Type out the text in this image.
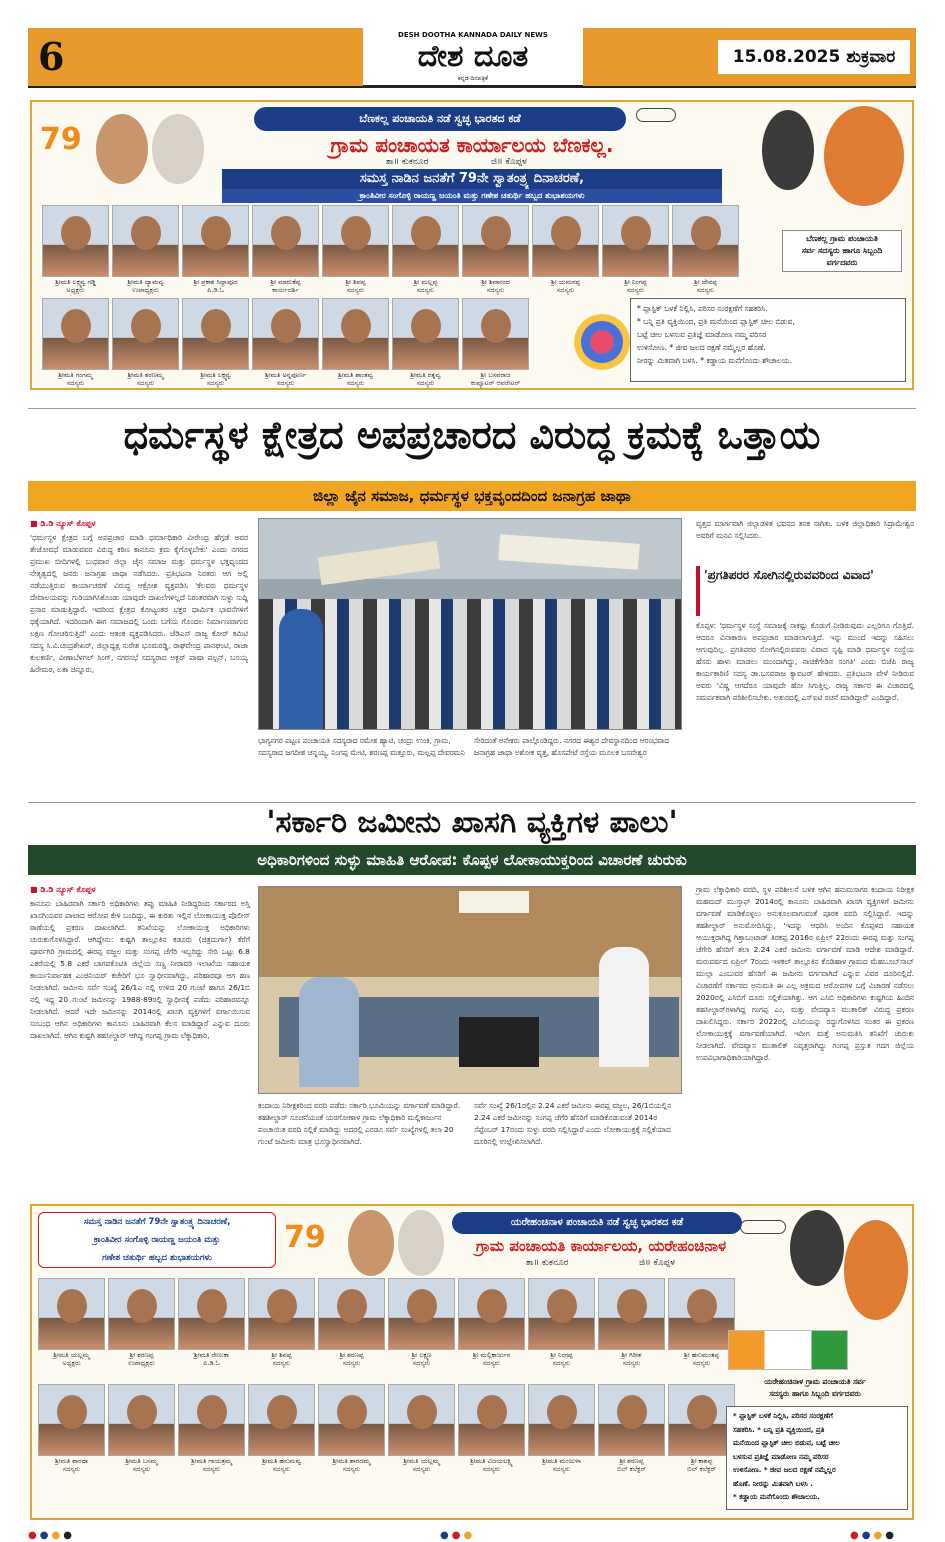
6	DESH DOOTHA KANNADA DAILY NEWS
ದೇಶ ದೂತ
ಕನ್ನಡ ದಿನಪತ್ರಿಕೆ
15.08.2025 ಶುಕ್ರವಾರ
79
ಬೆಣಕಲ್ಲ ಪಂಚಾಯತಿ ನಡೆ ಸ್ವಚ್ಛ ಭಾರತದ ಕಡೆ
ಗ್ರಾಮ ಪಂಚಾಯತ ಕಾರ್ಯಾಲಯ ಬೆಣಕಲ್ಲ.
ತಾ॥ ಕುಕನೂರ	ಜಿ॥ ಕೊಪ್ಪಳ
ಸಮಸ್ತ ನಾಡಿನ ಜನತೆಗೆ 79ನೇ ಸ್ವಾತಂತ್ರ್ಯ ದಿನಾಚರಣೆ,
ಕ್ರಾಂತಿವೀರ ಸಂಗೊಳ್ಳಿ ರಾಯಣ್ಣ ಜಯಂತಿ ಮತ್ತು ಗಣೇಶ ಚತುರ್ಥಿ ಹಬ್ಬದ ಶುಭಾಶಯಗಳು
ಶ್ರೀಮತಿ ಲಕ್ಷ್ಮವ್ವ ಗಡ್ಡಿ
ಅಧ್ಯಕ್ಷರು
ಶ್ರೀಮತಿ ದ್ಯಾಮವ್ವ
ಉಪಾಧ್ಯಕ್ಷರು
ಶ್ರೀ ಪ್ರಕಾಶ ಸಿದ್ದಾಪೂರ
ಪಿ.ಡಿ.ಓ
ಶ್ರೀ ಮಾರುತೆಪ್ಪ
ಕಾರ್ಯದರ್ಶಿ
ಶ್ರೀ ಶಿವಪ್ಪ
ಸದಸ್ಯರು
ಶ್ರೀ ಮಲ್ಲಪ್ಪ
ಸದಸ್ಯರು
ಶ್ರೀ ಶಿವಾನಂದ
ಸದಸ್ಯರು
ಶ್ರೀ ಯಮನಪ್ಪ
ಸದಸ್ಯರು
ಶ್ರೀ ನಿಂಗಪ್ಪ
ಸದಸ್ಯರು
ಶ್ರೀ ದೇವಪ್ಪ
ಸದಸ್ಯರು
ಶ್ರೀಮತಿ ಗಂಗಮ್ಮ
ಸದಸ್ಯರು
ಶ್ರೀಮತಿ ಶರಣಮ್ಮ
ಸದಸ್ಯರು
ಶ್ರೀಮತಿ ಲಕ್ಷ್ಮವ್ವ
ಸದಸ್ಯರು
ಶ್ರೀಮತಿ ಅನ್ನಪೂರ್ಣ
ಸದಸ್ಯರು
ಶ್ರೀಮತಿ ಶಾಂತವ್ವ
ಸದಸ್ಯರು
ಶ್ರೀಮತಿ ರತ್ನವ್ವ
ಸದಸ್ಯರು
ಶ್ರೀ ಬಸವರಾಜ
ಕಂಪ್ಯೂಟರ್ ಆಪರೇಟರ್
ಬೆಣಕಲ್ಲ ಗ್ರಾಮ ಪಂಚಾಯತಿ
ಸರ್ವ ಸದಸ್ಯರು ಹಾಗೂ ಸಿಬ್ಬಂದಿ
ವರ್ಗದವರು
* ಪ್ಲಾಸ್ಟಿಕ್ ಬಳಕೆ ನಿಲ್ಲಿಸಿ, ಪರಿಸರ ಸಂರಕ್ಷಣೆಗೆ ಸಹಕರಿಸಿ.
* ಬನ್ನಿ ಪ್ರತಿ ವ್ಯಕ್ತಿಯಿಂದ, ಪ್ರತಿ ಮನೆಯಿಂದ ಪ್ಲಾಸ್ಟಿಕ್ ಚೀಲ ಬಿಡುವ,
ಬಟ್ಟೆ ಚೀಲ ಬಳಸುವ ಪ್ರತಿಜ್ಞೆ ಮಾಡೋಣ ನಮ್ಮ ಪರಿಸರ
ಉಳಿಸೋಣ. * ಜೀವ ಜಲದ ರಕ್ಷಣೆ ನಮ್ಮೆಲ್ಲರ ಹೊಣೆ.
ನೀರನ್ನು ಮಿತವಾಗಿ ಬಳಸಿ. * ಕಡ್ಡಾಯ ಮನೆಗೊಂದು ಶೌಚಾಲಯ.
ಧರ್ಮಸ್ಥಳ ಕ್ಷೇತ್ರದ ಅಪಪ್ರಚಾರದ ವಿರುದ್ಧ ಕ್ರಮಕ್ಕೆ ಒತ್ತಾಯ
ಜಿಲ್ಲಾ ಜೈನ ಸಮಾಜ, ಧರ್ಮಸ್ಥಳ ಭಕ್ತವೃಂದದಿಂದ ಜನಾಗ್ರಹ ಜಾಥಾ
■ ಡಿ.ಡಿ ನ್ಯೂಸ್ ಕೊಪ್ಪಳ
'ಧರ್ಮಸ್ಥಳ ಕ್ಷೇತ್ರದ ಬಗ್ಗೆ ಅಪಪ್ರಚಾರ ಮಾಡಿ ಧರ್ಮಾಧಿಕಾರಿ ವೀರೇಂದ್ರ ಹೆಗ್ಗಡೆ ಅವರ ತೇಜೋವಧೆ ಮಾಡುವವರ ವಿರುದ್ಧ ಕಠಿಣ ಕಾನೂನು ಕ್ರಮ ಕೈಗೊಳ್ಳಬೇಕು' ಎಂದು ನಗರದ ಪ್ರಮುಖ ಬೀದಿಗಳಲ್ಲಿ ಬುಧವಾರ ಜಿಲ್ಲಾ ಜೈನ ಸಮಾಜ ಮತ್ತು ಧರ್ಮಸ್ಥಳ ಭಕ್ತವೃಂದದ ನೇತೃತ್ವದಲ್ಲಿ ಜನರು ಜನಾಗ್ರಹ ಜಾಥಾ ನಡೆಸಿದರು. ಪ್ರತಿಭಟನಾ ನಿರತರು ಆಗ ಅಲ್ಲಿ ನಡೆಯುತ್ತಿರುವ ಕಾರ್ಯಾಚರಣೆ ವಿರುದ್ಧ ಆಕ್ರೋಶ ವ್ಯಕ್ತಪಡಿಸಿ 'ಕೆಲವರು ಧರ್ಮಸ್ಥಳ ದೇವಾಲಯವನ್ನು ಗುರಿಯಾಗಿಸಿಕೊಂಡು ಯಾವುದೇ ದಾಖಲೆಗಳಿಲ್ಲದೆ ನಿರಂತರವಾಗಿ ಸುಳ್ಳು ಸುದ್ದಿ ಪ್ರಸಾರ ಮಾಡುತ್ತಿದ್ದಾರೆ. ಇದರಿಂದ ಕ್ಷೇತ್ರದ ಕೋಟ್ಯಂತರ ಭಕ್ತರ ಧಾರ್ಮಿಕ ಭಾವನೆಗಳಿಗೆ ಧಕ್ಕೆಯಾಗಿದೆ. ಇದರಿಂದಾಗಿ ಈಗ ಸಮಾಜದಲ್ಲಿ ಒಂದು ಬಗೆಯ ಗೊಂದಲ ನಿರ್ಮಾಣವಾಗುವ ಲಕ್ಷಣ ಗೋಚರಿಸುತ್ತಿದೆ' ಎಂದು ಆತಂಕ ವ್ಯಕ್ತಪಡಿಸಿದರು. ಜೆಡಿಎಸ್ ರಾಜ್ಯ ಕೋರ್ ಕಮಿಟಿ ಸದಸ್ಯ ಸಿ.ವಿ.ಚಂದ್ರಶೇಖರ್, ಜಿಲ್ಲಾಧ್ಯಕ್ಷ ಸುರೇಶ ಭೂಮರಡ್ಡಿ, ರಾಘವೇಂದ್ರ ಪಾನಘಂಟಿ, ರಾಜಾ ಕುಲಕರ್ಣಿ, ವೀಣಾಬೆಳಗಲ್ ಸಿಂಗ್, ನಗರಸಭೆ ಸದಸ್ಯರಾದ ಅಕ್ಬರ್ ಪಾಷಾ ಪಲ್ಟನ್, ಬಸಯ್ಯ ಹಿರೇಮಠ, ಲತಾ ಚಿನ್ನೂರು,
ಭಾಗ್ಯನಗರ ಪಟ್ಟಣ ಪಂಚಾಯತಿ ಸದಸ್ಯರಾದ ರಮೇಶ ಹ್ಯಾಟಿ, ಚಂದ್ರು ಉಂಕಿ, ಗ್ರಾಮ, ಸದಸ್ಯರಾದ ಜಗದೀಶ ಚನ್ನಯ್ಯ, ನಿಂಗಪ್ಪ ಮೇಟಿ, ಶರಣಪ್ಪ ಮತ್ತೂರು, ಮಲ್ಲಪ್ಪ ದೇವರಮನಿ
ಸೇರಿದಂತೆ ಅನೇಕರು ಪಾಲ್ಗೊಂಡಿದ್ದರು. ನಗರದ ಈಶ್ವರ ದೇವಸ್ಥಾನದಿಂದ ಆರಂಭವಾದ ಜನಾಗ್ರಹ ಜಾಥಾ ಅಶೋಕ ವೃತ್ತ, ಹೊಸಪೇಟೆ ರಸ್ತೆಯ ಮೂಲಕ ಬಸವೇಶ್ವರ
ವೃತ್ತದ ಮಾರ್ಗವಾಗಿ ಜಿಲ್ಲಾಡಳಿತ ಭವನದ ತನಕ ಸಾಗಿತು. ಬಳಿಕ ಜಿಲ್ಲಾಧಿಕಾರಿ ಸಿದ್ರಾಮೇಶ್ವರ ಅವರಿಗೆ ಮನವಿ ಸಲ್ಲಿಸಿದರು.
'ಪ್ರಗತಿಪರರ ಸೋಗಿನಲ್ಲಿರುವವರಿಂದ ವಿವಾದ'
ಕೊಪ್ಪಳ: 'ಧರ್ಮಸ್ಥಳ ಸಂಸ್ಥೆ ಸಮಾಜಕ್ಕೆ ಸಾಕಷ್ಟು ಕೊಡುಗೆ ನೀಡಿರುವುದು ಎಲ್ಲರಿಗೂ ಗೊತ್ತಿದೆ. ಆದರೂ ವಿನಾಕಾರಣ ಅಪಪ್ರಚಾರ ಮಾಡಲಾಗುತ್ತಿದೆ. ಇನ್ನು ಮುಂದೆ ಇದನ್ನು ಸಹಿಸಲು ಆಗುವುದಿಲ್ಲ. ಪ್ರಗತಿಪರರ ಸೋಗಿನಲ್ಲಿರುವವರು ವಿವಾದ ಸೃಷ್ಟಿ ಮಾಡಿ ಧರ್ಮಸ್ಥಳ ಸಂಸ್ಥೆಯ ಹೆಸರು ಹಾಳು ಮಾಡಲು ಮುಂದಾಗಿದ್ದು, ನಾಚಿಕೆಗೇಡಿನ ಸಂಗತಿ' ಎಂದು ಬಿಜೆಪಿ ರಾಜ್ಯ ಕಾರ್ಯಕಾರಿಣಿ ಸದಸ್ಯ ಡಾ.ಬಸವರಾಜ ಕ್ಯಾವಟರ್ ಹೇಳಿದರು. ಪ್ರತಿಭಟನಾ ವೇಳೆ ನೀಡಿರುವ ಅವರು 'ವಿಷ್ಣ ಆಗದೆರೂ ಯಾವುದೇ ಹೋ ಸಿಗುತ್ತಿಲ್ಲ. ರಾಜ್ಯ ಸರ್ಕಾರ ಈ ವಿಚಾರದಲ್ಲಿ ಸಮರ್ಪಕವಾಗಿ ಪರಿಶೀಲಿಸಬೇಕು. ಅತುರದಲ್ಲಿ ಎಸ್ಐಟಿ ರಚನೆ ಮಾಡಿದ್ದಾರೆ' ಎಂದಿದ್ದಾರೆ.
'ಸರ್ಕಾರಿ ಜಮೀನು ಖಾಸಗಿ ವ್ಯಕ್ತಿಗಳ ಪಾಲು'
ಅಧಿಕಾರಿಗಳಿಂದ ಸುಳ್ಳು ಮಾಹಿತಿ ಆರೋಪ: ಕೊಪ್ಪಳ ಲೋಕಾಯುಕ್ತರಿಂದ ವಿಚಾರಣೆ ಚುರುಕು
■ ಡಿ.ಡಿ ನ್ಯೂಸ್ ಕೊಪ್ಪಳ
ಕಾನೂನು ಬಾಹಿರವಾಗಿ ಸರ್ಕಾರಿ ಅಧಿಕಾರಿಗಳು ತಪ್ಪು ಮಾಹಿತಿ ನೀಡಿದ್ದರಿಂದ ಸರ್ಕಾರದ ಅಸ್ತಿ ಖಾಸಗಿಯವರ ಪಾಲಾದ ಆರೋಪ ಕೇಳಿ ಬಂದಿದ್ದು, ಈ ಕುರಿತು ಇಲ್ಲಿನ ಲೋಕಾಯುಕ್ತ ಪೊಲೀಸ್ ಠಾಣೆಯಲ್ಲಿ ಪ್ರಕರಣ ದಾಖಲಾಗಿದೆ. ತನಿಖೆಯನ್ನು ಲೋಕಾಯುಕ್ತ ಅಧಿಕಾರಿಗಳು ಚುರುಕುಗೊಳಿಸಿದ್ದಾರೆ. ಆಗಿದ್ದೇನು: ಕುಷ್ಟಗಿ ತಾಲ್ಲೂಕಿನ ಕಡೂರು (ಚಿತ್ರದುರ್ಗಾ) ಕೆರೆಗೆ ಪೂರ್ವಗಿರಿ ಗ್ರಾಮದಲ್ಲಿ ಈರಪ್ಪ ವಜ್ಜಲ ಮತ್ತು ಸಂಗಪ್ಪ ಚೆಗೆರಿ ಇಬ್ಬರಿದ್ದು ಸೇರಿ ಒಟ್ಟು 6.8 ಎಕರೆಯಲ್ಲಿ 5.8 ಎಕರೆ ಬಾಗವಕೊಟಿತಿ ಜಿಲ್ಲೆಯ ಸಣ್ಣ ನೀರಾವರಿ ಇಲಾಖೆಯ ಸಹಾಯಕ ಕಾರ್ಯನಿರ್ವಾಹಕ ಎಂಜಿನಿಯರ್ ಕಚೇರಿಗೆ ಭೂ ಸ್ವಾಧೀನವಾಗಿದ್ದು, ಪರಿಹಾರವೂ ಆಗ ಹಣ ನೀಡಲಾಗಿದೆ. ಜಮೀನು ಸರ್ವೆ ಸಂಖ್ಯೆ 26/1ಎ ನಲ್ಲಿ ಉಳಿದ 20 ಗುಂಟೆ ಹಾಗೂ 26/1ಬಿ ನಲ್ಲಿ ಇದ್ದ 20 ಗುಂಟೆ ಜಮೀನನ್ನು 1988-89ರಲ್ಲಿ ಸ್ವಾಧೀನಕ್ಕೆ ಪಡೆದು ಪರಿಹಾರವನ್ನೂ ನೀಡಲಾಗಿದೆ. ಆದರೆ ಇದೇ ಜಮೀನನ್ನು 2014ರಲ್ಲಿ ಖಾಸಗಿ ವ್ಯಕ್ತಿಗಳಿಗೆ ವರ್ಗಾಯಿಸುವ ಸಂಬಂಧ ಆಗಿನ ಅಧಿಕಾರಿಗಳು ಕಾನೂನು ಬಾಹಿರವಾಗಿ ಕೆಲಸ ಮಾಡಿದ್ದಾರೆ ಎನ್ನುವ ದೂರು ದಾಖಲಾಗಿದೆ. ಆಗಿನ ಕುಷ್ಟಗಿ ತಹಸೀಲ್ದಾರ್ ಆಗಿದ್ದ ಗಂಗಪ್ಪ ಗ್ರಾಮ ಲೆಕ್ಕಾಧಿಕಾರಿ,
ಕಂದಾಯ ನಿರೀಕ್ಷಕರಿಂದ ವರದಿ ಪಡೆದು ಸರ್ಕಾರಿ ಭೂಮಿಯನ್ನು ವರ್ಗಾವಣೆ ಮಾಡಿದ್ದಾರೆ. ತಹಶೀಲ್ದಾರ್ ಸೂಚನೆಯಂತೆ ಯರಗೋಣಾಳ ಗ್ರಾಮ ಲೆಕ್ಕಾಧಿಕಾರಿ ಮಲ್ಲಿಕಾರ್ಜುನ ಪಂಚಾಯಿತ ವರದಿ ಸಲ್ಲಿಕೆ ಮಾಡಿದ್ದು ಅದರಲ್ಲಿ ಎರಡೂ ಸರ್ವೆ ಸಂಖ್ಯೆಗಳಲ್ಲಿ ತಲಾ 20 ಗುಂಟೆ ಜಮೀನು ಮಾತ್ರ ಭೂಸ್ವಾಧೀನವಾಗಿದೆ.
ಸರ್ವೆ ಸಂಖ್ಯೆ 26/1ರಲ್ಲಿನ 2.24 ಎಕರೆ ಜಮೀನು ಈರಪ್ಪ ವಜ್ಜಲ, 26/1ಬಿಯಲ್ಲಿನ 2.24 ಎಕರೆ ಜಮೀನನ್ನು ಸಂಗಪ್ಪ ಚೆಗೆರಿ ಹೆಸರಿಗೆ ಮಾಡಿಕೊಡುವಂತೆ 2014ರ ಸೆಪ್ಟೆಂಬರ್ 17ರಂದು ಸುಳ್ಳು ವರದಿ ಸಲ್ಲಿಸಿದ್ದಾರೆ ಎಂದು ಲೋಕಾಯುಕ್ತಕ್ಕೆ ಸಲ್ಲಿಕೆಯಾದ ದೂರಿನಲ್ಲಿ ಉಲ್ಲೇಖಿಸಲಾಗಿದೆ.
ಗ್ರಾಮ ಲೆಕ್ಕಾಧಿಕಾರಿ ವರದಿ, ಸ್ಥಳ ಪರಿಶೀಲನೆ ಬಳಿಕ ಆಗಿನ ಹನುಮಸಾಗರ ಕಂದಾಯ ನಿರೀಕ್ಷಕ ಮಹಮದ್ ಮುಸ್ತಾಫ್ 2014ರಲ್ಲಿ ಕಾನೂನು ಬಾಹಿರವಾಗಿ ಖಾಸಗಿ ವ್ಯಕ್ತಿಗಳಿಗೆ ಜಮೀನು ವರ್ಗಾವಣೆ ಮಾಡಿಕೊಳ್ಳಲು ಅನುಕೂಲವಾಗುವಂತೆ ಪೂರಕ ವರದಿ ಸಲ್ಲಿಸಿದ್ದಾರೆ. ಇದನ್ನು ತಹಶೀಲ್ದಾರ್ ಅನುಮೋದಿಸಿದ್ದು, 'ಇದನ್ನು ಆಧರಿಸಿ ಅಂದಿನ ಕೊಪ್ಪಳದ ಸಹಾಯಕ ಆಯುಕ್ತರಾಗಿದ್ದ ಗಿತ್ತಾಬಂಟಾಡ್ ತಿರಕಪ್ಪ 2016ರ ಏಪ್ರಿಲ್ 22ರಂದು ಈರಪ್ಪ ಮತ್ತು ಸಂಗಪ್ಪ ಚೆಗೇರಿ ಹೆಸರಿಗೆ ತಲಾ 2.24 ಎಕರೆ ಜಮೀನು ವರ್ಗಾವಣೆ ಮಾಡಿ ಆದೇಶ ಮಾಡಿದ್ದಾರೆ. ಮರುವರ್ಷದ ಏಪ್ರಿಲ್ 7ರಂದು ಇಳಕಲ್ ತಾಲ್ಲೂಕಿನ ಕೊಡಿಹಾಳ ಗ್ರಾಮದ ಮೆಹಬೂಬ್‌ಸಾಬ್ ಮುಲ್ಲಾ ಎಂಬುವರ ಹೆಸರಿಗೆ ಈ ಜಮೀನು ವರ್ಗವಾಗಿದೆ ಎನ್ನುವ ವಿವರ ದೂರಿನಲ್ಲಿದೆ. ವಿಚಾರಣೆಗೆ ಸರ್ಕಾರದ ಅನುಮತಿ ಈ ಎಲ್ಲ ಅಕ್ರಮದ ಆರೋಪಗಳ ಬಗ್ಗೆ ವಿಚಾರಣೆ ನಡೆಸಲು 2020ರಲ್ಲಿ ಎಸಿಬಿಗೆ ದೂರು ಸಲ್ಲಿಕೆಯಾಗಿತ್ತು. ಆಗ ಎಸಿಬಿ ಅಧಿಕಾರಿಗಳು ಕುಷ್ಟಗಿಯ ಹಿಂದಿನ ತಹಸೀಲ್ದಾರ್‌ಗಳಾಗಿದ್ದ ಗಂಗಪ್ಪ ಎಂ, ಮತ್ತು ವೇದವ್ಯಾಸ ಮುತಾಲಿಕ್ ವಿರುದ್ಧ ಪ್ರಕರಣ ದಾಖಲಿಸಿದ್ದರು. ಸರ್ಕಾರ 2022ರಲ್ಲಿ ಎಸಿಬಿಯನ್ನು ರದ್ದುಗೊಳಿಸಿದ ನಂತರ ಈ ಪ್ರಕರಣ ಲೋಕಾಯುಕ್ತಕ್ಕೆ ವರ್ಗಾವಣೆಯಾಗಿದೆ. ಇದೀಗ ಮತ್ತೆ ಅನುಮತಿಸಿ ತನಿಖೆಗೆ ಚುರುಕು ನೀಡಲಾಗಿದೆ. ವೇದವ್ಯಾಸ ಮುತಾಲಿಕ್ ನಿವೃತ್ತರಾಗಿದ್ದು ಗಂಗಪ್ಪ ಪ್ರಸ್ತುತ ಗದಗ ಜಿಲ್ಲೆಯ ಉಪವಿಭಾಗಾಧಿಕಾರಿಯಾಗಿದ್ದಾರೆ.
ಸಮಸ್ತ ನಾಡಿನ ಜನತೆಗೆ 79ನೇ ಸ್ವಾತಂತ್ರ್ಯ ದಿನಾಚರಣೆ,
ಕ್ರಾಂತಿವೀರ ಸಂಗೊಳ್ಳಿ ರಾಯಣ್ಣ ಜಯಂತಿ ಮತ್ತು
ಗಣೇಶ ಚತುರ್ಥಿ ಹಬ್ಬದ ಶುಭಾಶಯಗಳು
79	ಯರೇಹಂಚಿನಾಳ ಪಂಚಾಯತಿ ನಡೆ ಸ್ವಚ್ಛ ಭಾರತದ ಕಡೆ
ಗ್ರಾಮ ಪಂಚಾಯತಿ ಕಾರ್ಯಾಲಯ, ಯರೇಹಂಚಿನಾಳ
ತಾ॥ ಕುಕನೂರ	ಜಿ॥ ಕೊಪ್ಪಳ
ಶ್ರೀಮತಿ ಯಲ್ಲಮ್ಮ
ಅಧ್ಯಕ್ಷರು
ಶ್ರೀ ಶರಣಪ್ಪ
ಉಪಾಧ್ಯಕ್ಷರು
ಶ್ರೀಮತಿ ರೇಣುಕಾ
ಪಿ.ಡಿ.ಓ
ಶ್ರೀ ಶಿವಪ್ಪ
ಸದಸ್ಯರು
ಶ್ರೀ ಶರಣಪ್ಪ
ಸದಸ್ಯರು
ಶ್ರೀ ಲಕ್ಷ್ಮಣ
ಸದಸ್ಯರು
ಶ್ರೀ ಮಲ್ಲಿಕಾರ್ಜುನ
ಸದಸ್ಯರು
ಶ್ರೀ ನಿಂಗಪ್ಪ
ಸದಸ್ಯರು
ಶ್ರೀ ಗಿರೀಶ
ಸದಸ್ಯರು
ಶ್ರೀ ಹನುಮಂತಪ್ಪ
ಸದಸ್ಯರು
ಶ್ರೀಮತಿ ಶಾರದಾ
ಸದಸ್ಯರು
ಶ್ರೀಮತಿ ಬಸಮ್ಮ
ಸದಸ್ಯರು
ಶ್ರೀಮತಿ ಗಾಯತ್ರಮ್ಮ
ಸದಸ್ಯರು
ಶ್ರೀಮತಿ ಹನುಮವ್ವ
ಸದಸ್ಯರು
ಶ್ರೀಮತಿ ಶಾರದಮ್ಮ
ಸದಸ್ಯರು
ಶ್ರೀಮತಿ ಯಲ್ಲಮ್ಮ
ಸದಸ್ಯರು
ಶ್ರೀಮತಿ ವಿಜಯಲಕ್ಷ್ಮಿ
ಸದಸ್ಯರು
ಶ್ರೀಮತಿ ಮಂಜುಳಾ
ಸದಸ್ಯರು
ಶ್ರೀ ಶರಣಪ್ಪ
ಬಿಲ್ ಕಲೆಕ್ಟರ್
ಶ್ರೀ ಕಾಶಪ್ಪ
ಬಿಲ್ ಕಲೆಕ್ಟರ್
ಯರೇಹಂಚಿನಾಳ ಗ್ರಾಮ ಪಂಚಾಯತಿ ಸರ್ವ
ಸದಸ್ಯರು ಹಾಗೂ ಸಿಬ್ಬಂದಿ ವರ್ಗದವರು
* ಪ್ಲಾಸ್ಟಿಕ್ ಬಳಕೆ ನಿಲ್ಲಿಸಿ, ಪರಿಸರ ಸಂರಕ್ಷಣೆಗೆ
ಸಹಕರಿಸಿ. * ಬನ್ನಿ ಪ್ರತಿ ವ್ಯಕ್ತಿಯಿಂದ, ಪ್ರತಿ
ಮನೆಯಿಂದ ಪ್ಲಾಸ್ಟಿಕ್ ಚೀಲ ಬಿಡುವ, ಬಟ್ಟೆ ಚೀಲ
ಬಳಸುವ ಪ್ರತಿಜ್ಞೆ ಮಾಡೋಣ ನಮ್ಮ ಪರಿಸರ
ಉಳಿಸೋಣ. * ಜೀವ ಜಲದ ರಕ್ಷಣೆ ನಮ್ಮೆಲ್ಲರ
ಹೊಣೆ. ನೀರನ್ನು ಮಿತವಾಗಿ ಬಳಸಿ .
* ಕಡ್ಡಾಯ ಮನೆಗೊಂದು ಶೌಚಾಲಯ.
●●●●	●●●	●●●●
